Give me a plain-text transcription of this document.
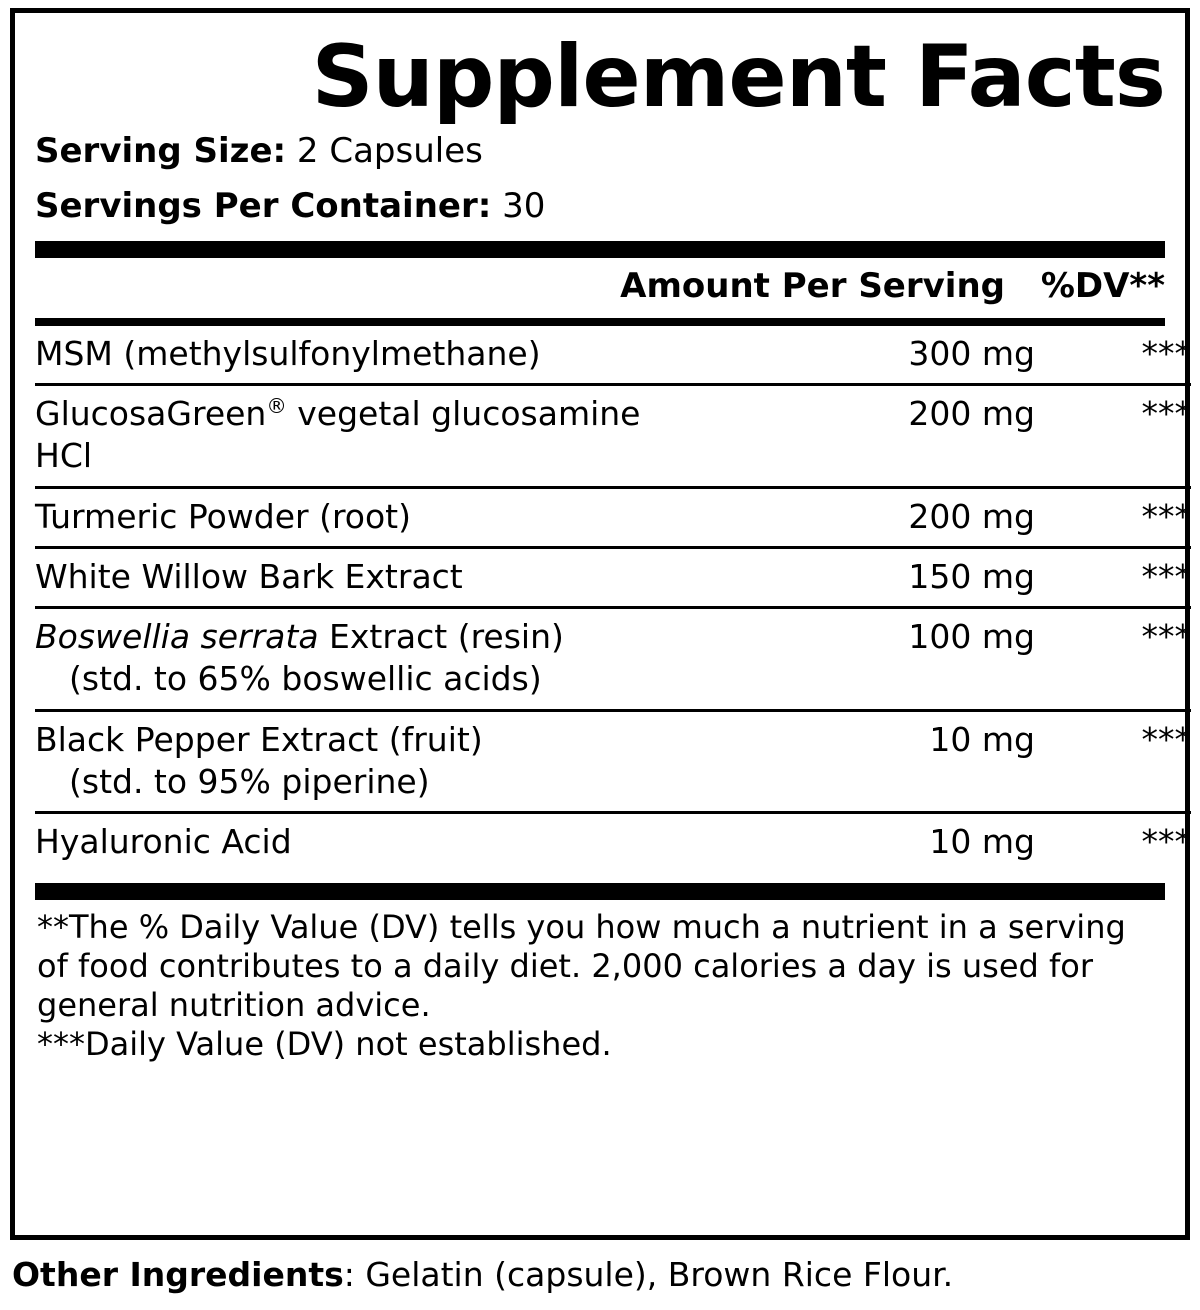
Supplement Facts
Serving Size: 2 Capsules
Servings Per Container: 30
Amount Per Serving	%DV**
MSM (methylsulfonylmethane)	300 mg	***
GlucosaGreen® vegetal glucosamine HCl	200 mg	***
Turmeric Powder (root)	200 mg	***
White Willow Bark Extract	150 mg	***
Boswellia serrata Extract (resin)
(std. to 65% boswellic acids)	100 mg	***
Black Pepper Extract (fruit)
(std. to 95% piperine)	10 mg	***
Hyaluronic Acid	10 mg	***

**The % Daily Value (DV) tells you how much a nutrient in a serving of food contributes to a daily diet. 2,000 calories a day is used for general nutrition advice.

***Daily Value (DV) not established.

Other Ingredients: Gelatin (capsule), Brown Rice Flour.
